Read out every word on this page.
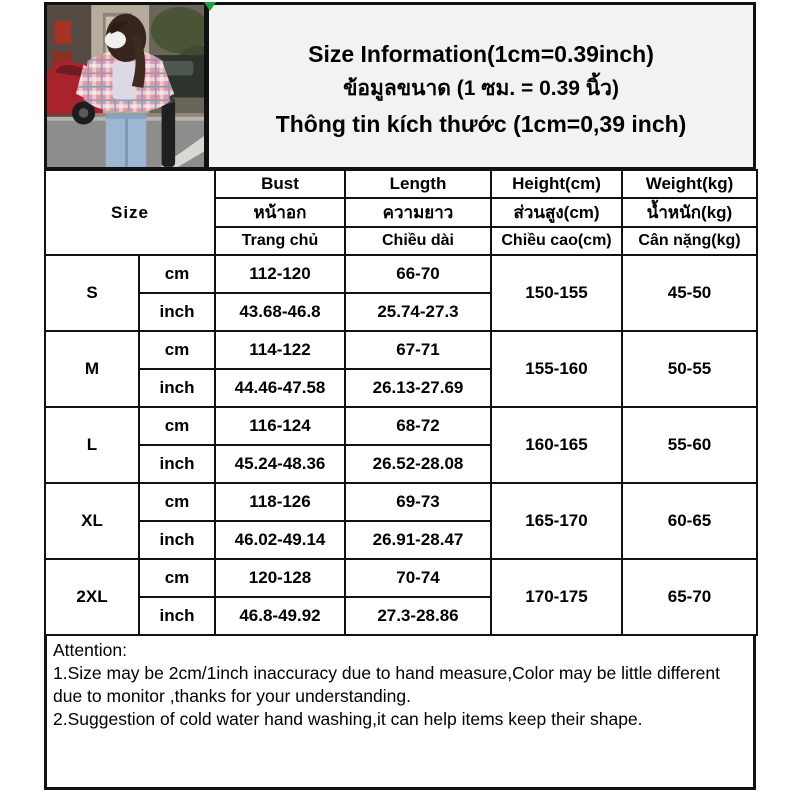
Size Information(1cm=0.39inch)
ข้อมูลขนาด (1 ซม. = 0.39 นิ้ว)
Thông tin kích thước (1cm=0,39 inch)
Size		Bust	Length	Height(cm)	Weight(kg)
		หน้าอก	ความยาว	ส่วนสูง(cm)	น้ำหนัก(kg)
		Trang chủ	Chiều dài	Chiều cao(cm)	Cân nặng(kg)
S	cm	112-120	66-70	150-155	45-50
	inch	43.68-46.8	25.74-27.3		
M	cm	114-122	67-71	155-160	50-55
	inch	44.46-47.58	26.13-27.69		
L	cm	116-124	68-72	160-165	55-60
	inch	45.24-48.36	26.52-28.08		
XL	cm	118-126	69-73	165-170	60-65
	inch	46.02-49.14	26.91-28.47		
2XL	cm	120-128	70-74	170-175	65-70
	inch	46.8-49.92	27.3-28.86		
Attention:
1.Size may be 2cm/1inch inaccuracy due to hand measure,Color may be little different due to monitor ,thanks for your understanding.
2.Suggestion of cold water hand washing,it can help items keep their shape.
